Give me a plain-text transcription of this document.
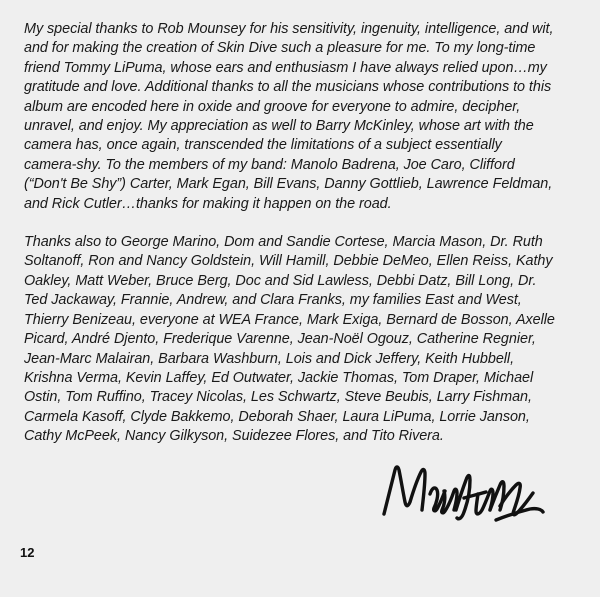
My special thanks to Rob Mounsey for his sensitivity, ingenuity, intelligence, and wit, and for making the creation of Skin Dive such a pleasure for me. To my long-time friend Tommy LiPuma, whose ears and enthusiasm I have always relied upon…my gratitude and love. Additional thanks to all the musicians whose contributions to this album are encoded here in oxide and groove for everyone to admire, decipher, unravel, and enjoy. My appreciation as well to Barry McKinley, whose art with the camera has, once again, transcended the limitations of a subject essentially camera-shy. To the members of my band: Manolo Badrena, Joe Caro, Clifford (“Don't Be Shy”) Carter, Mark Egan, Bill Evans, Danny Gottlieb, Lawrence Feldman, and Rick Cutler…thanks for making it happen on the road.

Thanks also to George Marino, Dom and Sandie Cortese, Marcia Mason, Dr. Ruth Soltanoff, Ron and Nancy Goldstein, Will Hamill, Debbie DeMeo, Ellen Reiss, Kathy Oakley, Matt Weber, Bruce Berg, Doc and Sid Lawless, Debbi Datz, Bill Long, Dr. Ted Jackaway, Frannie, Andrew, and Clara Franks, my families East and West, Thierry Benizeau, everyone at WEA France, Mark Exiga, Bernard de Bosson, Axelle Picard, André Djento, Frederique Varenne, Jean-Noël Ogouz, Catherine Regnier, Jean-Marc Malairan, Barbara Washburn, Lois and Dick Jeffery, Keith Hubbell, Krishna Verma, Kevin Laffey, Ed Outwater, Jackie Thomas, Tom Draper, Michael Ostin, Tom Ruffino, Tracey Nicolas, Les Schwartz, Steve Beubis, Larry Fishman, Carmela Kasoff, Clyde Bakkemo, Deborah Shaer, Laura LiPuma, Lorrie Janson, Cathy McPeek, Nancy Gilkyson, Suidezee Flores, and Tito Rivera.

12
